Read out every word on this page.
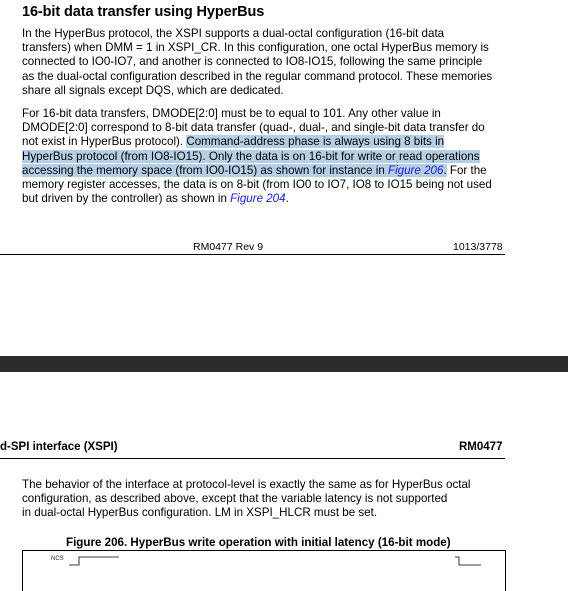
16-bit data transfer using HyperBus

In the HyperBus protocol, the XSPI supports a dual-octal configuration (16-bit data
transfers) when DMM = 1 in XSPI_CR. In this configuration, one octal HyperBus memory is
connected to IO0-IO7, and another is connected to IO8-IO15, following the same principle
as the dual-octal configuration described in the regular command protocol. These memories
share all signals except DQS, which are dedicated.

For 16-bit data transfers, DMODE[2:0] must be to equal to 101. Any other value in
DMODE[2:0] correspond to 8-bit data transfer (quad-, dual-, and single-bit data transfer do
not exist in HyperBus protocol). Command-address phase is always using 8 bits in
HyperBus protocol (from IO8-IO15). Only the data is on 16-bit for write or read operations
accessing the memory space (from IO0-IO15) as shown for instance in Figure 206. For the
memory register accesses, the data is on 8-bit (from IO0 to IO7, IO8 to IO15 being not used
but driven by the controller) as shown in Figure 204.

RM0477 Rev 9	1013/3778
d-SPI interface (XSPI)	RM0477

The behavior of the interface at protocol-level is exactly the same as for HyperBus octal
configuration, as described above, except that the variable latency is not supported
in dual-octal HyperBus configuration. LM in XSPI_HLCR must be set.

Figure 206. HyperBus write operation with initial latency (16-bit mode)
NCS
